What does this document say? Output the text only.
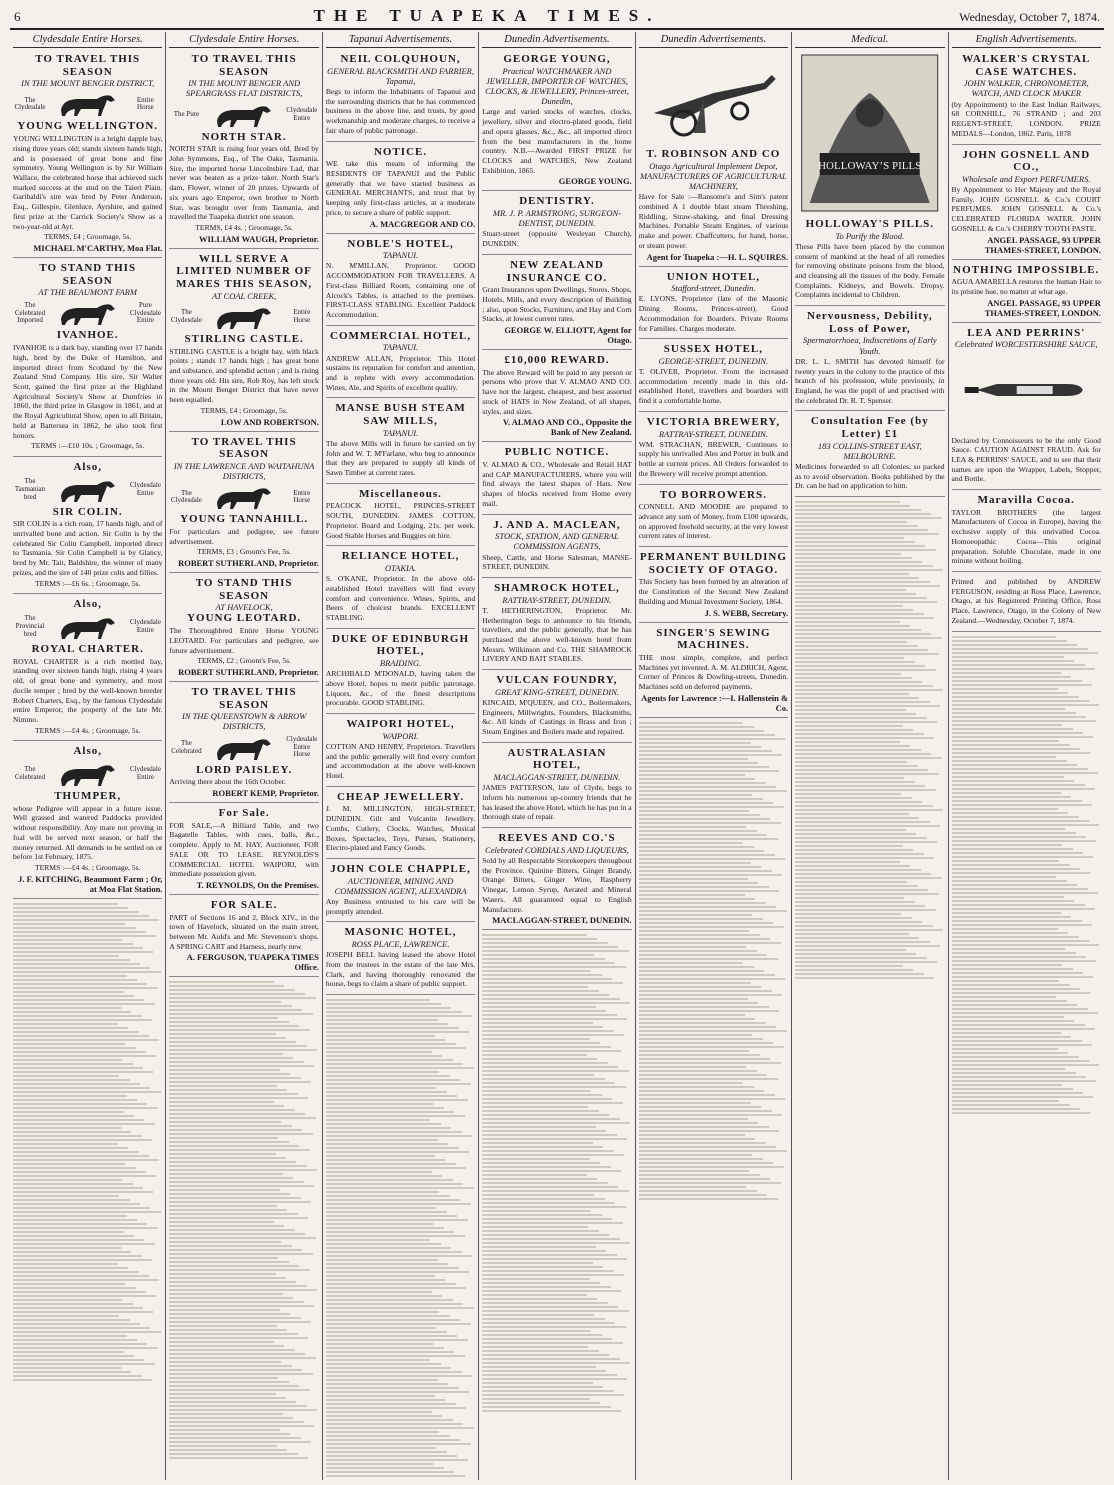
6	THE TUAPEKA TIMES.	Wednesday, October 7, 1874.
Clydesdale Entire Horses.
TO TRAVEL THIS SEASON
IN THE MOUNT BENGER DISTRICT,
The Clydesdale
Entire Horse
YOUNG WELLINGTON.

YOUNG WELLINGTON is a bright dapple bay, rising three years old; stands sixteen hands high, and is possessed of great bone and fine symmetry. Young Wellington is by Sir William Wallace, the celebrated horse that achieved such marked success at the stud on the Taieri Plain. Garibaldi's sire was bred by Peter Anderson, Esq., Gillespie, Glenluce, Ayrshire, and gained first prize at the Carrick Society's Show as a two-year-old at Ayr.

TERMS, £4 ; Groomage, 5s.

MICHAEL M'CARTHY, Moa Flat.
TO STAND THIS SEASON
AT THE BEAUMONT FARM
The Celebrated Imported
Pure Clydesdale Entire
IVANHOE.

IVANHOE is a dark bay, standing over 17 hands high, bred by the Duke of Hamilton, and imported direct from Scotland by the New Zealand Stud Company. His sire, Sir Walter Scott, gained the first prize at the Highland Agricultural Society's Show at Dumfries in 1860, the third prize in Glasgow in 1861, and at the Royal Agricultural Show, open to all Britain, held at Battersea in 1862, he also took first honors.

TERMS :—£10 10s. ; Groomage, 5s.

Also,
The Tasmanian bred
Clydesdale Entire
SIR COLIN.

SIR COLIN is a rich roan, 17 hands high, and of unrivalled bone and action. Sir Colin is by the celebrated Sir Colin Campbell, imported direct to Tasmania. Sir Colin Campbell is by Glancy, bred by Mr. Tait, Baldshire, the winner of many prizes, and the sire of 140 prize colts and fillies.

TERMS :—£6 6s. ; Groomage, 5s.

Also,
The Provincial bred
Clydesdale Entire
ROYAL CHARTER.

ROYAL CHARTER is a rich mottled bay, standing over sixteen hands high, rising 4 years old, of great bone and symmetry, and most docile temper ; bred by the well-known breeder Robert Charters, Esq., by the famous Clydesdale entire Emperor, the property of the late Mr. Nimmo.

TERMS :—£4 4s. ; Groomage, 5s.

Also,
The Celebrated
Clydesdale Entire
THUMPER,

whose Pedigree will appear in a future issue. Well grassed and watered Paddocks provided without responsibility. Any mare not proving in foal will be served next season, or half the money returned. All demands to be settled on or before 1st February, 1875.

TERMS :—£4 4s. ; Groomage, 5s.

J. F. KITCHING, Beaumont Farm ; Or, at Moa Flat Station.
Clydesdale Entire Horses.
TO TRAVEL THIS SEASON
IN THE MOUNT BENGER AND SPEARGRASS FLAT DISTRICTS,
The Pure	Clydesdale Entire
NORTH STAR.

NORTH STAR is rising four years old. Bred by John Symmons, Esq., of The Oaks, Tasmania. Sire, the imported horse Lincolnshire Lad, that never was beaten as a prize taker. North Star's dam, Flower, winner of 20 prizes. Upwards of six years ago Emperor, own brother to North Star, was brought over from Tasmania, and travelled the Tuapeka district one season.

TERMS, £4 4s. ; Groomage, 5s.

WILLIAM WAUGH, Proprietor.
WILL SERVE A LIMITED NUMBER OF MARES THIS SEASON,
AT COAL CREEK,
The Clydesdale
Entire Horse
STIRLING CASTLE.

STIRLING CASTLE is a bright bay, with black points ; stands 17 hands high ; has great bone and substance, and splendid action ; and is rising three years old. His sire, Rob Roy, has left stock in the Mount Benger District that have never been equalled.

TERMS, £4 ; Groomage, 5s.

LOW AND ROBERTSON.
TO TRAVEL THIS SEASON
IN THE LAWRENCE AND WAITAHUNA DISTRICTS,
The Clydesdale
Entire Horse
YOUNG TANNAHILL.

For particulars and pedigree, see future advertisement.

TERMS, £3 ; Groom's Fee, 5s.

ROBERT SUTHERLAND, Proprietor.
TO STAND THIS SEASON
AT HAVELOCK,
YOUNG LEOTARD.

The Thoroughbred Entire Horse YOUNG LEOTARD. For particulars and pedigree, see future advertisement.

TERMS, £2 ; Groom's Fee, 5s.

ROBERT SUTHERLAND, Proprietor.
TO TRAVEL THIS SEASON
IN THE QUEENSTOWN & ARROW DISTRICTS,
The Celebrated
Clydesdale Entire Horse
LORD PAISLEY.

Arriving there about the 16th October.

ROBERT KEMP, Proprietor.
For Sale.

FOR SALE,—A Billiard Table, and two Bagatelle Tables, with cues, balls, &c., complete. Apply to M. HAY, Auctioneer. FOR SALE OR TO LEASE. REYNOLDS'S COMMERCIAL HOTEL WAIPORI, with immediate possession given.

T. REYNOLDS, On the Premises.
FOR SALE.

PART of Sections 16 and 2, Block XIV., in the town of Havelock, situated on the main street, between Mr. Auld's and Mr. Stevenson's shops. A SPRING CART and Harness, nearly new.

A. FERGUSON, TUAPEKA TIMES Office.
Tapanui Advertisements.
NEIL COLQUHOUN,
GENERAL BLACKSMITH AND FARRIER, Tapanui,

Begs to inform the Inhabitants of Tapanui and the surrounding districts that he has commenced business in the above line, and trusts, by good workmanship and moderate charges, to receive a fair share of public patronage.

NOTICE.

WE take this means of informing the RESIDENTS OF TAPANUI and the Public generally that we have started business as GENERAL MERCHANTS, and trust that by keeping only first-class articles, at a moderate price, to secure a share of public support.

A. MACGREGOR AND CO.
NOBLE'S HOTEL,
TAPANUI.

N. M'MILLAN, Proprietor. GOOD ACCOMMODATION FOR TRAVELLERS. A First-class Billiard Room, containing one of Alcock's Tables, is attached to the premises. FIRST-CLASS STABLING. Excellent Paddock Accommodation.

COMMERCIAL HOTEL,
TAPANUI.

ANDREW ALLAN, Proprietor. This Hotel sustains its reputation for comfort and attention, and is replete with every accommodation. Wines, Ale, and Spirits of excellent quality.

MANSE BUSH STEAM SAW MILLS,
TAPANUI.

The above Mills will in future be carried on by John and W. T. M'Farlane, who beg to announce that they are prepared to supply all kinds of Sawn Timber at current rates.

Miscellaneous.

PEACOCK HOTEL, PRINCES-STREET SOUTH, DUNEDIN. JAMES COTTON, Proprietor. Board and Lodging, 21s. per week. Good Stable Horses and Buggies on hire.

RELIANCE HOTEL,
OTAKIA.

S. O'KANE, Proprietor. In the above old-established Hotel travellers will find every comfort and convenience. Wines, Spirits, and Beers of choicest brands. EXCELLENT STABLING.

DUKE OF EDINBURGH HOTEL,
BRAIDING.

ARCHIBALD M'DONALD, having taken the above Hotel, hopes to merit public patronage. Liquors, &c., of the finest descriptions procurable. GOOD STABLING.

WAIPORI HOTEL,
WAIPORI.

COTTON AND HENRY, Proprietors. Travellers and the public generally will find every comfort and accommodation at the above well-known Hotel.

CHEAP JEWELLERY.

J. M. MILLINGTON, HIGH-STREET, DUNEDIN. Gilt and Vulcanite Jewellery. Combs, Cutlery, Clocks, Watches, Musical Boxes, Spectacles, Toys, Purses, Stationery, Electro-plated and Fancy Goods.

JOHN COLE CHAPPLE,
AUCTIONEER, MINING AND COMMISSION AGENT, ALEXANDRA

Any Business entrusted to his care will be promptly attended.

MASONIC HOTEL,
ROSS PLACE, LAWRENCE.

JOSEPH BELL having leased the above Hotel from the trustees in the estate of the late Mrs. Clark, and having thoroughly renovated the house, begs to claim a share of public support.

Dunedin Advertisements.
GEORGE YOUNG,
Practical WATCHMAKER AND JEWELLER, IMPORTER OF WATCHES, CLOCKS, & JEWELLERY, Princes-street, Dunedin,

Large and varied stocks of watches, clocks, jewellery, silver and electro-plated goods, field and opera glasses, &c., &c., all imported direct from the best manufacturers in the home country. N.B.—Awarded FIRST PRIZE for CLOCKS and WATCHES, New Zealand Exhibition, 1865.

GEORGE YOUNG.
DENTISTRY.
MR. J. P. ARMSTRONG, SURGEON-DENTIST, DUNEDIN.

Stuart-street (opposite Wesleyan Church), DUNEDIN.

NEW ZEALAND INSURANCE CO.

Grant Insurances upon Dwellings, Stores, Shops, Hotels, Mills, and every description of Building ; also, upon Stocks, Furniture, and Hay and Corn Stacks, at lowest current rates.

GEORGE W. ELLIOTT, Agent for Otago.
£10,000 REWARD.

The above Reward will be paid to any person or persons who prove that V. ALMAO AND CO. have not the largest, cheapest, and best assorted stock of HATS in New Zealand, of all shapes, styles, and sizes.

V. ALMAO AND CO., Opposite the Bank of New Zealand.
PUBLIC NOTICE.

V. ALMAO & CO., Wholesale and Retail HAT and CAP MANUFACTURERS, where you will find always the latest shapes of Hats. New shapes of blocks received from Home every mail.

J. AND A. MACLEAN,
STOCK, STATION, AND GENERAL COMMISSION AGENTS,

Sheep, Cattle, and Horse Salesman, MANSE-STREET, DUNEDIN.

SHAMROCK HOTEL,
RATTRAY-STREET, DUNEDIN.

T. HETHERINGTON, Proprietor. Mr. Hetherington begs to announce to his friends, travellers, and the public generally, that he has purchased the above well-known hotel from Messrs. Wilkinson and Co. THE SHAMROCK LIVERY AND BAIT STABLES.

VULCAN FOUNDRY,
GREAT KING-STREET, DUNEDIN.

KINCAID, M'QUEEN, and CO., Boilermakers, Engineers, Millwrights, Founders, Blacksmiths, &c. All kinds of Castings in Brass and Iron ; Steam Engines and Boilers made and repaired.

AUSTRALASIAN HOTEL,
MACLAGGAN-STREET, DUNEDIN.

JAMES PATTERSON, late of Clyde, begs to inform his numerous up-country friends that he has leased the above Hotel, which he has put in a thorough state of repair.

REEVES AND CO.'S
Celebrated CORDIALS AND LIQUEURS,

Sold by all Respectable Storekeepers throughout the Province. Quinine Bitters, Ginger Brandy, Orange Bitters, Ginger Wine, Raspberry Vinegar, Lemon Syrup, Aerated and Mineral Waters. All guaranteed equal to English Manufacture.

MACLAGGAN-STREET, DUNEDIN.
Dunedin Advertisements.
T. ROBINSON AND CO
Otago Agricultural Implement Depot, MANUFACTURERS OF AGRICULTURAL MACHINERY,

Have for Sale :—Ransome's and Sim's patent combined A 1 double blast steam Threshing, Riddling, Straw-shaking, and final Dressing Machines. Portable Steam Engines, of various make and power. Chaffcutters, for hand, horse, or steam power.

Agent for Tuapeka :—H. L. SQUIRES.
UNION HOTEL,
Stafford-street, Dunedin.

E. LYONS, Proprietor (late of the Masonic Dining Rooms, Princes-street). Good Accommodation for Boarders. Private Rooms for Families. Charges moderate.

SUSSEX HOTEL,
GEORGE-STREET, DUNEDIN.

T. OLIVER, Proprietor. From the increased accommodation recently made in this old-established Hotel, travellers and boarders will find it a comfortable home.

VICTORIA BREWERY,
RATTRAY-STREET, DUNEDIN.

WM. STRACHAN, BREWER, Continues to supply his unrivalled Ales and Porter in bulk and bottle at current prices. All Orders forwarded to the Brewery will receive prompt attention.

TO BORROWERS.

CONNELL AND MOODIE are prepared to advance any sum of Money, from £100 upwards, on approved freehold security, at the very lowest current rates of interest.

PERMANENT BUILDING SOCIETY OF OTAGO.

This Society has been formed by an alteration of the Constitution of the Second New Zealand Building and Mutual Investment Society, 1864.

J. S. WEBB, Secretary.
SINGER'S SEWING MACHINES.

THE most simple, complete, and perfect Machines yet invented. A. M. ALDRICH, Agent, Corner of Princes & Dowling-streets, Dunedin. Machines sold on deferred payments.

Agents for Lawrence :—I. Hallenstein & Co.
Medical.
HOLLOWAY’S PILLS
HOLLOWAY'S PILLS.
To Purify the Blood.

These Pills have been placed by the common consent of mankind at the head of all remedies for removing obstinate poisons from the blood, and cleansing all the tissues of the body. Female Complaints. Kidneys, and Bowels. Dropsy. Complaints incidental to Children.

Nervousness, Debility, Loss of Power,
Spermatorrhoea, Indiscretions of Early Youth.

DR. L. L. SMITH has devoted himself for twenty years in the colony to the practice of this branch of his profession, while previously, in England, he was the pupil of and practised with the celebrated Dr. R. T. Spenser.

Consultation Fee (by Letter) £1
183 COLLINS-STREET EAST, MELBOURNE.

Medicines forwarded to all Colonies, so packed as to avoid observation. Books published by the Dr. can be had on application to him.

English Advertisements.
WALKER'S CRYSTAL CASE WATCHES.
JOHN WALKER, CHRONOMETER, WATCH, AND CLOCK MAKER

(by Appointment) to the East Indian Railways, 68 CORNHILL, 76 STRAND ; and 203 REGENT-STREET, LONDON. PRIZE MEDALS—London, 1862. Paris, 1878

JOHN GOSNELL AND CO.,
Wholesale and Export PERFUMERS.

By Appointment to Her Majesty and the Royal Family. JOHN GOSNELL & Co.'s COURT PERFUMES. JOHN GOSNELL & Co.'s CELEBRATED FLORIDA WATER. JOHN GOSNELL & Co.'s CHERRY TOOTH PASTE.

ANGEL PASSAGE, 93 UPPER THAMES-STREET, LONDON.
NOTHING IMPOSSIBLE.

AGUA AMARELLA restores the human Hair to its pristine hue, no matter at what age.

ANGEL PASSAGE, 93 UPPER THAMES-STREET, LONDON.
LEA AND PERRINS'
Celebrated WORCESTERSHIRE SAUCE,

Declared by Connoisseurs to be the only Good Sauce. CAUTION AGAINST FRAUD. Ask for LEA & PERRINS' SAUCE, and to see that their names are upon the Wrapper, Labels, Stopper, and Bottle.

Maravilla Cocoa.

TAYLOR BROTHERS (the largest Manufacturers of Cocoa in Europe), having the exclusive supply of this unrivalled Cocoa. Homoeopathic Cocoa—This original preparation. Soluble Chocolate, made in one minute without boiling.

Printed and published by ANDREW FERGUSON, residing at Ross Place, Lawrence, Otago, at his Registered Printing Office, Ross Place, Lawrence, Otago, in the Colony of New Zealand.—Wednesday, October 7, 1874.
